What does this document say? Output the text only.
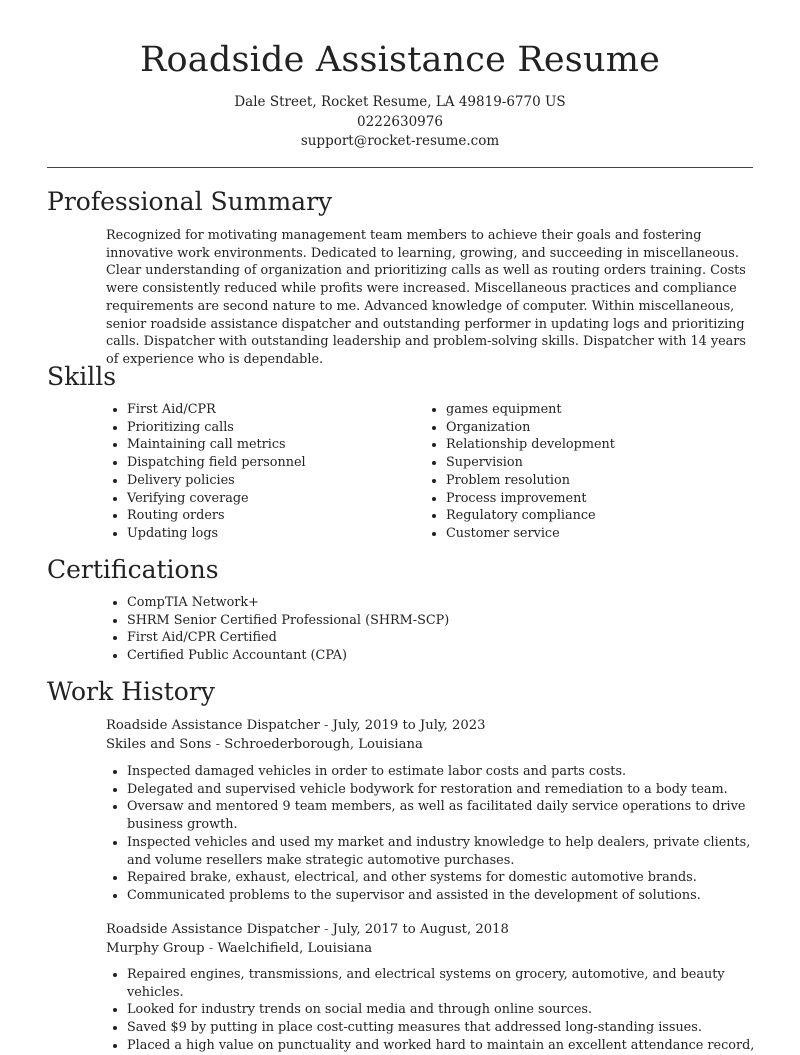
Roadside Assistance Resume
Dale Street, Rocket Resume, LA 49819-6770 US
0222630976
support@rocket-resume.com
Professional Summary
Recognized for motivating management team members to achieve their goals and fostering innovative work environments. Dedicated to learning, growing, and succeeding in miscellaneous. Clear understanding of organization and prioritizing calls as well as routing orders training. Costs were consistently reduced while profits were increased. Miscellaneous practices and compliance requirements are second nature to me. Advanced knowledge of computer. Within miscellaneous, senior roadside assistance dispatcher and outstanding performer in updating logs and prioritizing calls. Dispatcher with outstanding leadership and problem-solving skills. Dispatcher with 14 years of experience who is dependable.
Skills
• First Aid/CPR
• Prioritizing calls
• Maintaining call metrics
• Dispatching field personnel
• Delivery policies
• Verifying coverage
• Routing orders
• Updating logs
• games equipment
• Organization
• Relationship development
• Supervision
• Problem resolution
• Process improvement
• Regulatory compliance
• Customer service
Certifications
• CompTIA Network+
• SHRM Senior Certified Professional (SHRM-SCP)
• First Aid/CPR Certified
• Certified Public Accountant (CPA)
Work History
Roadside Assistance Dispatcher - July, 2019 to July, 2023
Skiles and Sons - Schroederborough, Louisiana
• Inspected damaged vehicles in order to estimate labor costs and parts costs.
• Delegated and supervised vehicle bodywork for restoration and remediation to a body team.
• Oversaw and mentored 9 team members, as well as facilitated daily service operations to drive business growth.
• Inspected vehicles and used my market and industry knowledge to help dealers, private clients, and volume resellers make strategic automotive purchases.
• Repaired brake, exhaust, electrical, and other systems for domestic automotive brands.
• Communicated problems to the supervisor and assisted in the development of solutions.
Roadside Assistance Dispatcher - July, 2017 to August, 2018
Murphy Group - Waelchifield, Louisiana
• Repaired engines, transmissions, and electrical systems on grocery, automotive, and beauty vehicles.
• Looked for industry trends on social media and through online sources.
• Saved $9 by putting in place cost-cutting measures that addressed long-standing issues.
• Placed a high value on punctuality and worked hard to maintain an excellent attendance record,
